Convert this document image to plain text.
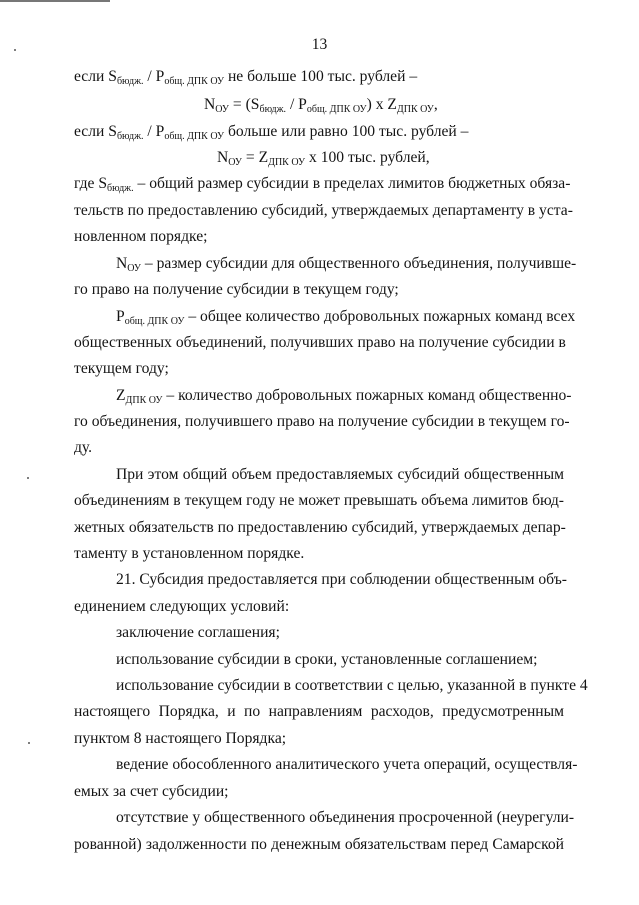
13
если $S_{бюдж.} / P_{общ. ДПК ОУ}$ не больше 100 тыс. рублей –
$N_{ОУ} = (S_{бюдж.} / P_{общ. ДПК ОУ})$ x $Z_{ДПК ОУ}$,
если $S_{бюдж.} / P_{общ. ДПК ОУ}$ больше или равно 100 тыс. рублей –
$N_{ОУ} = Z_{ДПК ОУ}$ x 100 тыс. рублей,
где $S_{бюдж.}$ – общий размер субсидии в пределах лимитов бюджетных обяза-
тельств по предоставлению субсидий, утверждаемых департаменту в уста-
новленном порядке;
$N_{ОУ}$ – размер субсидии для общественного объединения, получивше-
го право на получение субсидии в текущем году;
$P_{общ. ДПК ОУ}$ – общее количество добровольных пожарных команд всех
общественных объединений, получивших право на получение субсидии в
текущем году;
$Z_{ДПК ОУ}$ – количество добровольных пожарных команд общественно-
го объединения, получившего право на получение субсидии в текущем го-
ду.
При этом общий объем предоставляемых субсидий общественным
объединениям в текущем году не может превышать объема лимитов бюд-
жетных обязательств по предоставлению субсидий, утверждаемых депар-
таменту в установленном порядке.
21. Субсидия предоставляется при соблюдении общественным объ-
единением следующих условий:
заключение соглашения;
использование субсидии в сроки, установленные соглашением;
использование субсидии в соответствии с целью, указанной в пункте 4
настоящего Порядка, и по направлениям расходов, предусмотренным
пунктом 8 настоящего Порядка;
ведение обособленного аналитического учета операций, осуществля-
емых за счет субсидии;
отсутствие у общественного объединения просроченной (неурегули-
рованной) задолженности по денежным обязательствам перед Самарской
